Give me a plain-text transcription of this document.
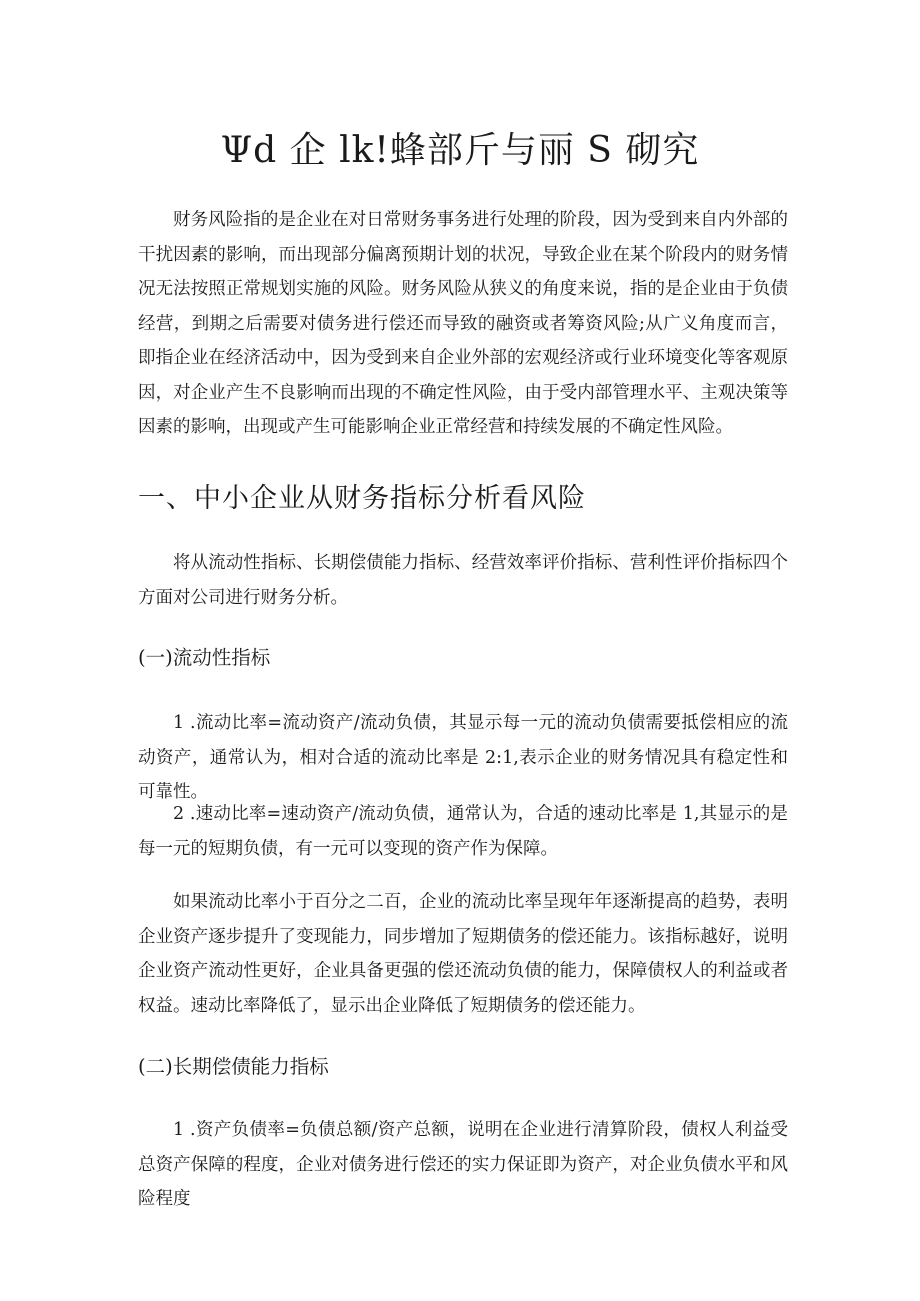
Ψd 企 lk!蜂部斤与丽 S 砌究

财务风险指的是企业在对日常财务事务进行处理的阶段，因为受到来自内外部的干扰因素的影响，而出现部分偏离预期计划的状况，导致企业在某个阶段内的财务情况无法按照正常规划实施的风险。财务风险从狭义的角度来说，指的是企业由于负债经营，到期之后需要对债务进行偿还而导致的融资或者筹资风险;从广义角度而言，即指企业在经济活动中，因为受到来自企业外部的宏观经济或行业环境变化等客观原因，对企业产生不良影响而出现的不确定性风险，由于受内部管理水平、主观决策等因素的影响，出现或产生可能影响企业正常经营和持续发展的不确定性风险。

一、中小企业从财务指标分析看风险

将从流动性指标、长期偿债能力指标、经营效率评价指标、营利性评价指标四个方面对公司进行财务分析。

(一)流动性指标

1 .流动比率=流动资产/流动负债，其显示每一元的流动负债需要抵偿相应的流动资产，通常认为，相对合适的流动比率是 2:1,表示企业的财务情况具有稳定性和可靠性。

2 .速动比率=速动资产/流动负债，通常认为，合适的速动比率是 1,其显示的是每一元的短期负债，有一元可以变现的资产作为保障。

如果流动比率小于百分之二百，企业的流动比率呈现年年逐渐提高的趋势，表明企业资产逐步提升了变现能力，同步增加了短期债务的偿还能力。该指标越好，说明企业资产流动性更好，企业具备更强的偿还流动负债的能力，保障债权人的利益或者权益。速动比率降低了，显示出企业降低了短期债务的偿还能力。

(二)长期偿债能力指标

1 .资产负债率=负债总额/资产总额，说明在企业进行清算阶段，债权人利益受总资产保障的程度，企业对债务进行偿还的实力保证即为资产，对企业负债水平和风险程度
